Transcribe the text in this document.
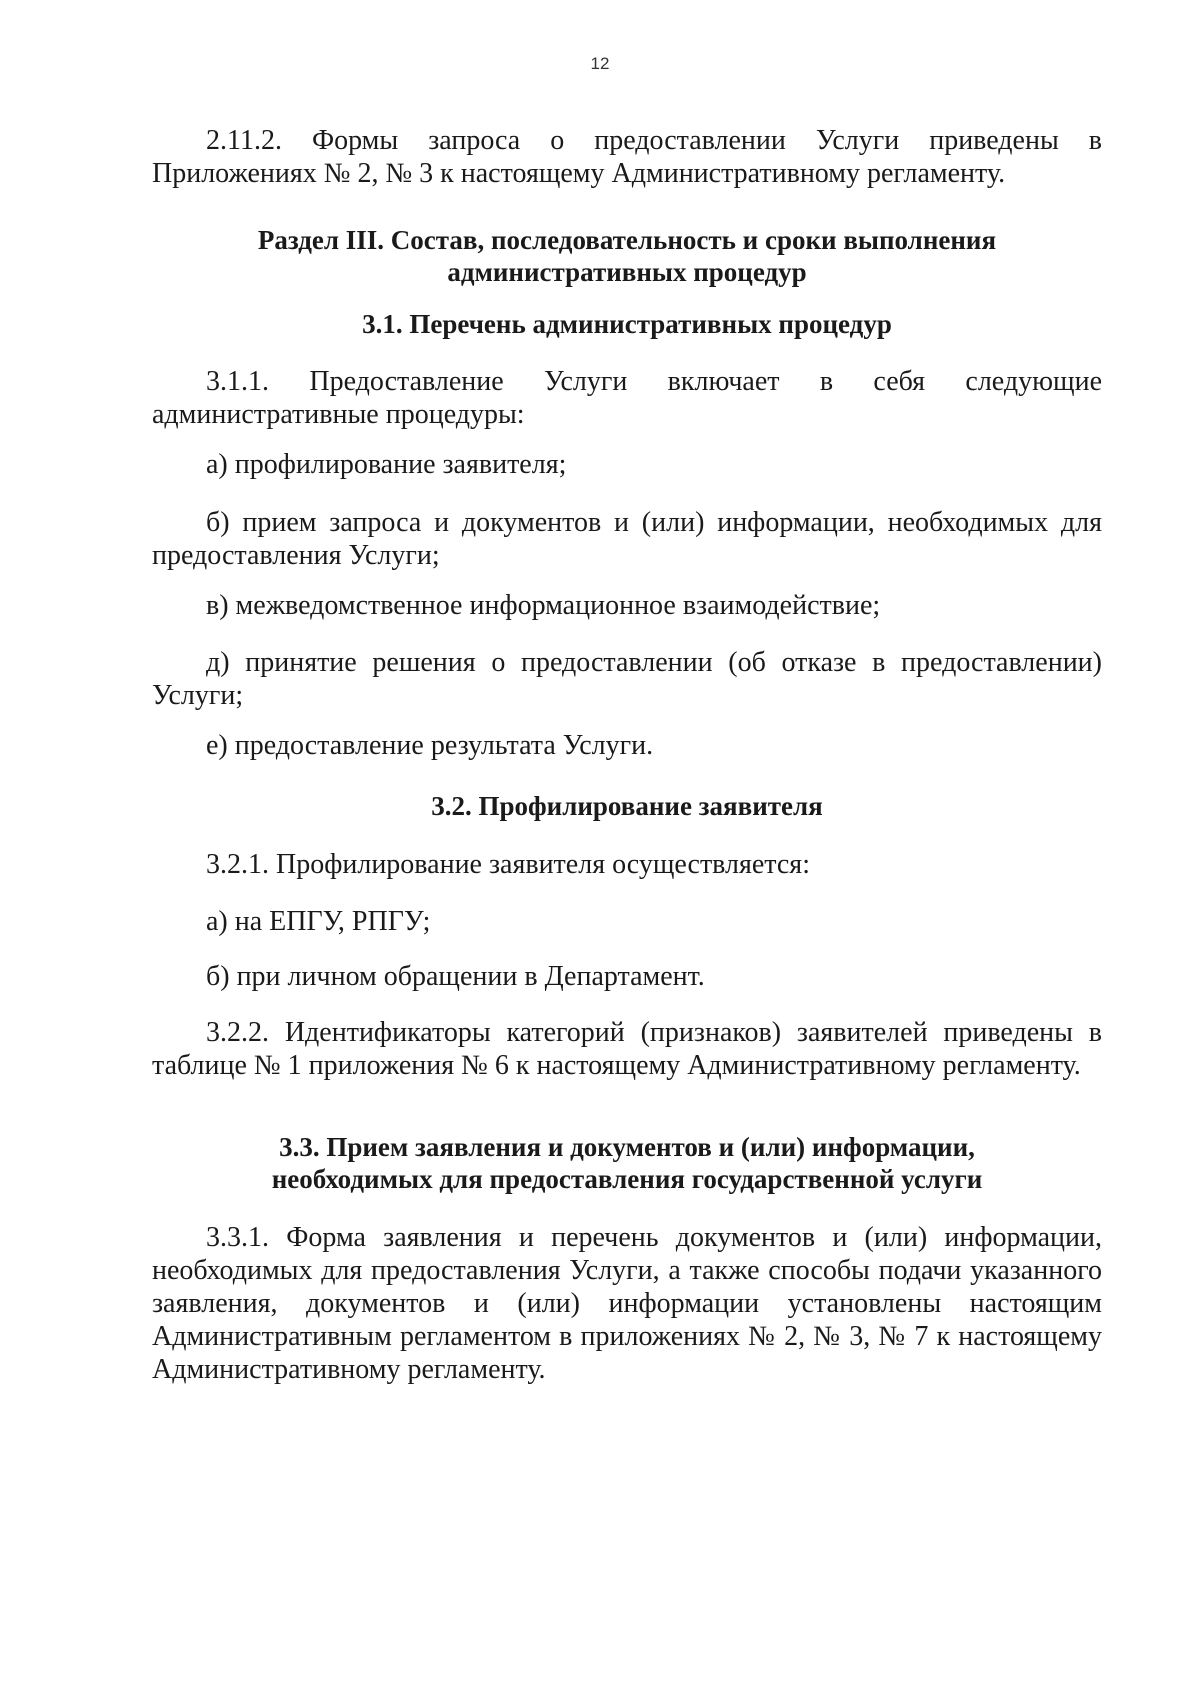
12
2.11.2. Формы запроса о предоставлении Услуги приведены в Приложениях № 2, № 3 к настоящему Административному регламенту.
Раздел III. Состав, последовательность и сроки выполнения
административных процедур
3.1. Перечень административных процедур
3.1.1. Предоставление Услуги включает в себя следующие административные процедуры:
а) профилирование заявителя;
б) прием запроса и документов и (или) информации, необходимых для предоставления Услуги;
в) межведомственное информационное взаимодействие;
д) принятие решения о предоставлении (об отказе в предоставлении) Услуги;
е) предоставление результата Услуги.
3.2. Профилирование заявителя
3.2.1. Профилирование заявителя осуществляется:
а) на ЕПГУ, РПГУ;
б) при личном обращении в Департамент.
3.2.2. Идентификаторы категорий (признаков) заявителей приведены в таблице № 1 приложения № 6 к настоящему Административному регламенту.
3.3. Прием заявления и документов и (или) информации,
необходимых для предоставления государственной услуги
3.3.1. Форма заявления и перечень документов и (или) информации, необходимых для предоставления Услуги, а также способы подачи указанного заявления, документов и (или) информации установлены настоящим Административным регламентом в приложениях № 2, № 3, № 7 к настоящему Административному регламенту.
